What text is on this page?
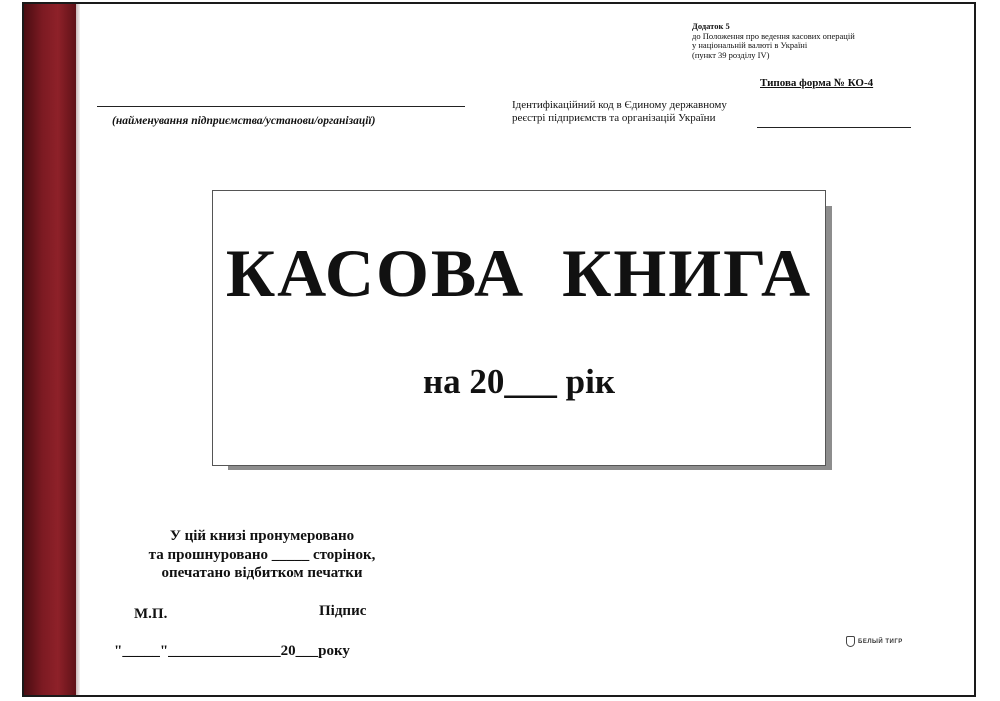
Додаток 5
до Положення про ведення касових операцій
у національній валюті в Україні
(пункт 39 розділу IV)
Типова форма № КО-4
(найменування підприємства/установи/організації)
Ідентифікаційний код в Єдиному державному
реєстрі підприємств та організацій України
КАСОВА КНИГА
на 20___ рік
У цій книзі пронумеровано
та прошнуровано _____ сторінок,
опечатано відбитком печатки
М.П.	Підпис
"_____"_______________20___року
БЕЛЫЙ ТИГР
